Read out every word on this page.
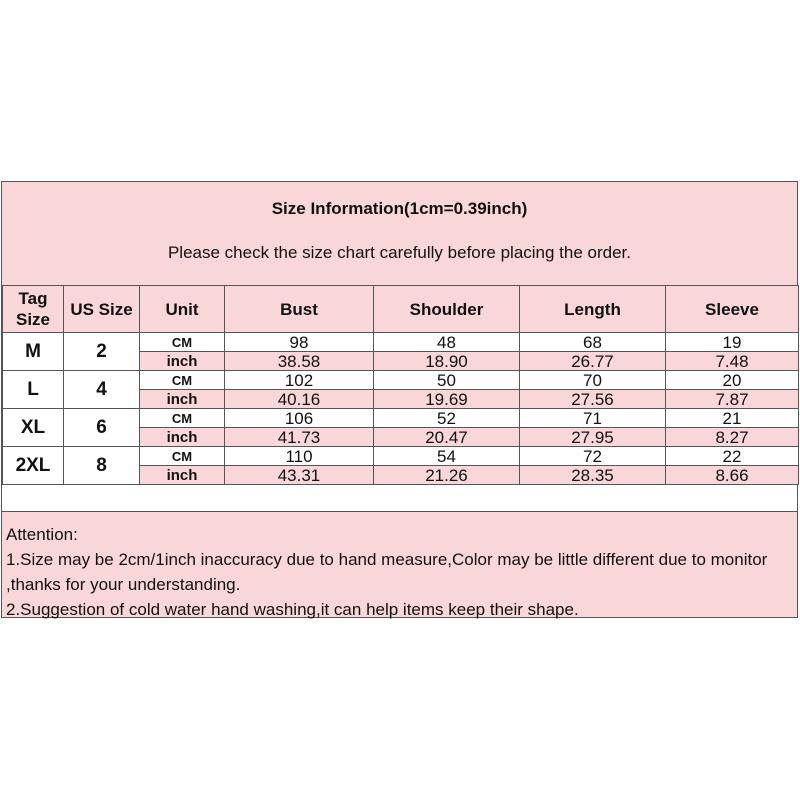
Size Information(1cm=0.39inch)
Please check the size chart carefully before placing the order.
Tag Size	US Size	Unit	Bust	Shoulder	Length	Sleeve
M	2	CM	98	48	68	19
		inch	38.58	18.90	26.77	7.48
L	4	CM	102	50	70	20
		inch	40.16	19.69	27.56	7.87
XL	6	CM	106	52	71	21
		inch	41.73	20.47	27.95	8.27
2XL	8	CM	110	54	72	22
		inch	43.31	21.26	28.35	8.66

Attention:

1.Size may be 2cm/1inch inaccuracy due to hand measure,Color may be little different due to monitor ,thanks for your understanding.

2.Suggestion of cold water hand washing,it can help items keep their shape.
